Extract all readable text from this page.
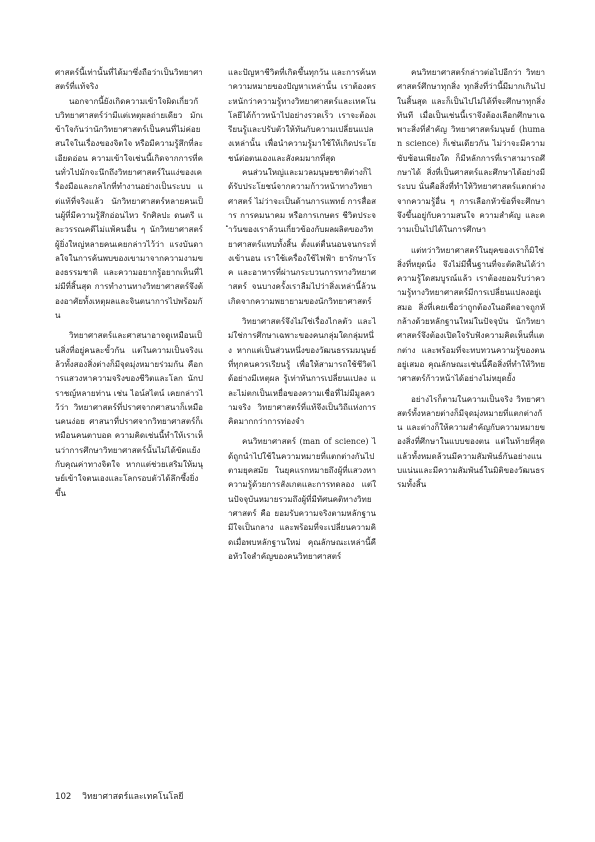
ศาสตร์นี้เท่านั้นที่ได้มาซึ่งถือว่าเป็นวิทยาศาสตร์ที่แท้จริง

นอกจากนี้ยังเกิดความเข้าใจผิดเกี่ยวกับวิทยาศาสตร์ว่ามีแต่เหตุผลถ่ายเดียว มักเข้าใจกันว่านักวิทยาศาสตร์เป็นคนที่ไม่ค่อยสนใจในเรื่องของจิตใจ หรือมีความรู้สึกที่ละเอียดอ่อน ความเข้าใจเช่นนี้เกิดจากการที่คนทั่วไปมักจะนึกถึงวิทยาศาสตร์ในแง่ของเครื่องมือและกลไกที่ทำงานอย่างเป็นระบบ แต่แท้ที่จริงแล้ว นักวิทยาศาสตร์หลายคนเป็นผู้ที่มีความรู้สึกอ่อนไหว รักศิลปะ ดนตรี และวรรณคดีไม่แพ้คนอื่น ๆ นักวิทยาศาสตร์ผู้ยิ่งใหญ่หลายคนเคยกล่าวไว้ว่า แรงบันดาลใจในการค้นพบของเขามาจากความงามของธรรมชาติ และความอยากรู้อยากเห็นที่ไม่มีที่สิ้นสุด การทำงานทางวิทยาศาสตร์จึงต้องอาศัยทั้งเหตุผลและจินตนาการไปพร้อมกัน

วิทยาศาสตร์และศาสนาอาจดูเหมือนเป็นสิ่งที่อยู่คนละขั้วกัน แต่ในความเป็นจริงแล้วทั้งสองสิ่งต่างก็มีจุดมุ่งหมายร่วมกัน คือการแสวงหาความจริงของชีวิตและโลก นักปราชญ์หลายท่าน เช่น ไอน์สไตน์ เคยกล่าวไว้ว่า วิทยาศาสตร์ที่ปราศจากศาสนาก็เหมือนคนง่อย ศาสนาที่ปราศจากวิทยาศาสตร์ก็เหมือนคนตาบอด ความคิดเช่นนี้ทำให้เราเห็นว่าการศึกษาวิทยาศาสตร์นั้นไม่ได้ขัดแย้งกับคุณค่าทางจิตใจ หากแต่ช่วยเสริมให้มนุษย์เข้าใจตนเองและโลกรอบตัวได้ลึกซึ้งยิ่งขึ้น

และปัญหาชีวิตที่เกิดขึ้นทุกวัน และการค้นหาความหมายของปัญหาเหล่านั้น เราต้องตระหนักว่าความรู้ทางวิทยาศาสตร์และเทคโนโลยีได้ก้าวหน้าไปอย่างรวดเร็ว เราจะต้องเรียนรู้และปรับตัวให้ทันกับความเปลี่ยนแปลงเหล่านั้น เพื่อนำความรู้มาใช้ให้เกิดประโยชน์ต่อตนเองและสังคมมากที่สุด

คนส่วนใหญ่และมวลมนุษยชาติต่างก็ได้รับประโยชน์จากความก้าวหน้าทางวิทยาศาสตร์ ไม่ว่าจะเป็นด้านการแพทย์ การสื่อสาร การคมนาคม หรือการเกษตร ชีวิตประจำวันของเราล้วนเกี่ยวข้องกับผลผลิตของวิทยาศาสตร์แทบทั้งสิ้น ตั้งแต่ตื่นนอนจนกระทั่งเข้านอน เราใช้เครื่องใช้ไฟฟ้า ยารักษาโรค และอาหารที่ผ่านกระบวนการทางวิทยาศาสตร์ จนบางครั้งเราลืมไปว่าสิ่งเหล่านี้ล้วนเกิดจากความพยายามของนักวิทยาศาสตร์

วิทยาศาสตร์จึงไม่ใช่เรื่องไกลตัว และไม่ใช่การศึกษาเฉพาะของคนกลุ่มใดกลุ่มหนึ่ง หากแต่เป็นส่วนหนึ่งของวัฒนธรรมมนุษย์ที่ทุกคนควรเรียนรู้ เพื่อให้สามารถใช้ชีวิตได้อย่างมีเหตุผล รู้เท่าทันการเปลี่ยนแปลง และไม่ตกเป็นเหยื่อของความเชื่อที่ไม่มีมูลความจริง วิทยาศาสตร์ที่แท้จึงเป็นวิถีแห่งการคิดมากกว่าการท่องจำ

คนวิทยาศาสตร์ (man of science) ได้ถูกนำไปใช้ในความหมายที่แตกต่างกันไปตามยุคสมัย ในยุคแรกหมายถึงผู้ที่แสวงหาความรู้ด้วยการสังเกตและการทดลอง แต่ในปัจจุบันหมายรวมถึงผู้ที่มีทัศนคติทางวิทยาศาสตร์ คือ ยอมรับความจริงตามหลักฐาน มีใจเป็นกลาง และพร้อมที่จะเปลี่ยนความคิดเมื่อพบหลักฐานใหม่ คุณลักษณะเหล่านี้คือหัวใจสำคัญของคนวิทยาศาสตร์

คนวิทยาศาสตร์กล่าวต่อไปอีกว่า วิทยาศาสตร์ศึกษาทุกสิ่ง ทุกสิ่งที่ว่านี้มีมากเกินไปในสิ้นสุด และก็เป็นไปไม่ได้ที่จะศึกษาทุกสิ่งทันที เมื่อเป็นเช่นนี้เราจึงต้องเลือกศึกษาเฉพาะสิ่งที่สำคัญ วิทยาศาสตร์มนุษย์ (human science) ก็เช่นเดียวกัน ไม่ว่าจะมีความซับซ้อนเพียงใด ก็มีหลักการที่เราสามารถศึกษาได้ สิ่งที่เป็นศาสตร์และศึกษาได้อย่างมีระบบ นั่นคือสิ่งที่ทำให้วิทยาศาสตร์แตกต่างจากความรู้อื่น ๆ การเลือกหัวข้อที่จะศึกษาจึงขึ้นอยู่กับความสนใจ ความสำคัญ และความเป็นไปได้ในการศึกษา

แต่ทว่าวิทยาศาสตร์ในยุคของเราก็มิใช่สิ่งที่หยุดนิ่ง จึงไม่มีพื้นฐานที่จะตัดสินได้ว่าความรู้ใดสมบูรณ์แล้ว เราต้องยอมรับว่าความรู้ทางวิทยาศาสตร์มีการเปลี่ยนแปลงอยู่เสมอ สิ่งที่เคยเชื่อว่าถูกต้องในอดีตอาจถูกหักล้างด้วยหลักฐานใหม่ในปัจจุบัน นักวิทยาศาสตร์จึงต้องเปิดใจรับฟังความคิดเห็นที่แตกต่าง และพร้อมที่จะทบทวนความรู้ของตนอยู่เสมอ คุณลักษณะเช่นนี้คือสิ่งที่ทำให้วิทยาศาสตร์ก้าวหน้าได้อย่างไม่หยุดยั้ง

อย่างไรก็ตามในความเป็นจริง วิทยาศาสตร์ทั้งหลายต่างก็มีจุดมุ่งหมายที่แตกต่างกัน และต่างก็ให้ความสำคัญกับความหมายของสิ่งที่ศึกษาในแบบของตน แต่ในท้ายที่สุดแล้วทั้งหมดล้วนมีความสัมพันธ์กันอย่างแนบแน่นและมีความสัมพันธ์ในมิติของวัฒนธรรมทั้งสิ้น

102 วิทยาศาสตร์และเทคโนโลยี
